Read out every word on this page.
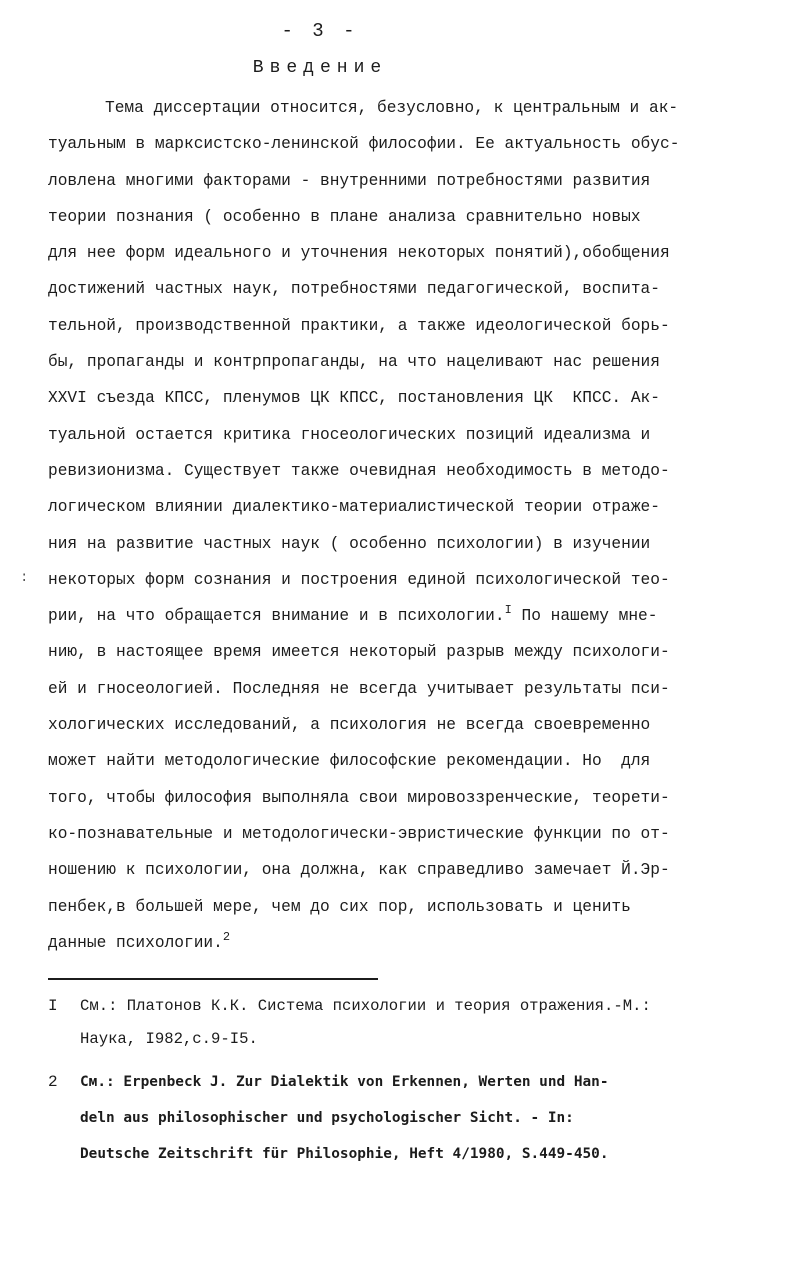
- 3 -
Введение
:
Тема диссертации относится, безусловно, к центральным и ак-
туальным в марксистско-ленинской философии. Ее актуальность обус-
ловлена многими факторами - внутренними потребностями развития
теории познания ( особенно в плане анализа сравнительно новых
для нее форм идеального и уточнения некоторых понятий),обобщения
достижений частных наук, потребностями педагогической, воспита-
тельной, производственной практики, а также идеологической борь-
бы, пропаганды и контрпропаганды, на что нацеливают нас решения
XXVI съезда КПСС, пленумов ЦК КПСС, постановления ЦК  КПСС. Ак-
туальной остается критика гносеологических позиций идеализма и
ревизионизма. Существует также очевидная необходимость в методо-
логическом влиянии диалектико-материалистической теории отраже-
ния на развитие частных наук ( особенно психологии) в изучении
некоторых форм сознания и построения единой психологической тео-
рии, на что обращается внимание и в психологии.$^I$ По нашему мне-
нию, в настоящее время имеется некоторый разрыв между психологи-
ей и гносеологией. Последняя не всегда учитывает результаты пси-
хологических исследований, а психология не всегда своевременно
может найти методологические философские рекомендации. Но  для
того, чтобы философия выполняла свои мировоззренческие, теорети-
ко-познавательные и методологически-эвристические функции по от-
ношению к психологии, она должна, как справедливо замечает Й.Эр-
пенбек,в большей мере, чем до сих пор, использовать и ценить
данные психологии.$^2$
I См.: Платонов К.К. Система психологии и теория отражения.-М.:
Наука, I982,с.9-I5.
2 См.: Erpenbeck J. Zur Dialektik von Erkennen, Werten und Han-
deln aus philosophischer und psychologischer Sicht. - In:
Deutsche Zeitschrift für Philosophie, Heft 4/1980, S.449-450.
